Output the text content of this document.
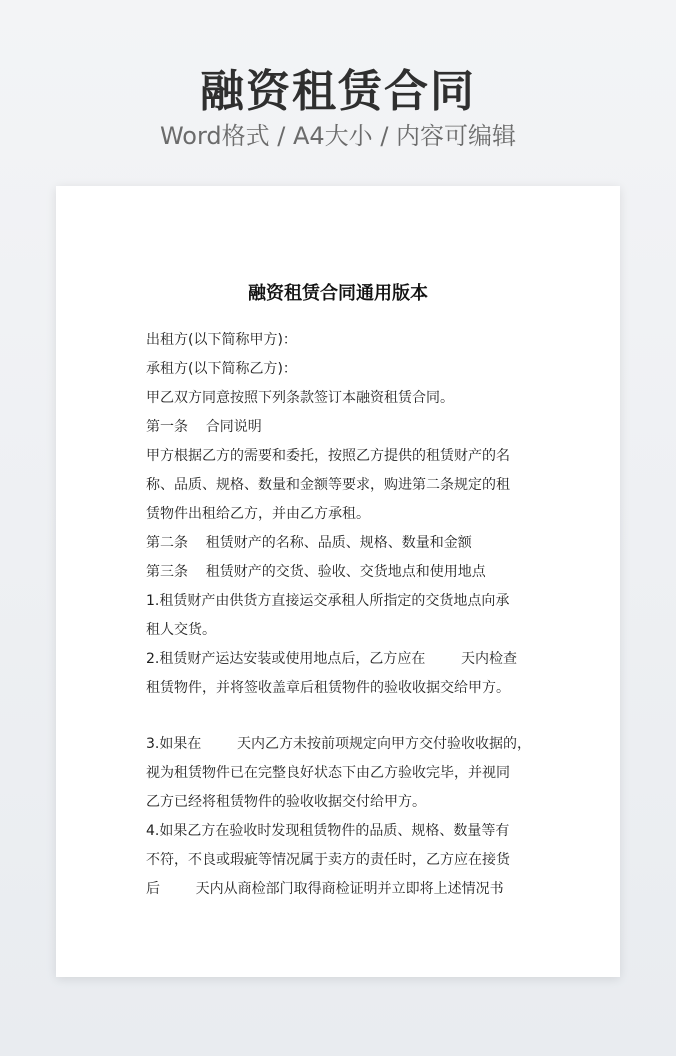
融资租赁合同
Word格式 / A4大小 / 内容可编辑
融资租赁合同通用版本
出租方(以下简称甲方)：
承租方(以下简称乙方)：
甲乙双方同意按照下列条款签订本融资租赁合同。
第一条    合同说明
甲方根据乙方的需要和委托，按照乙方提供的租赁财产的名
称、品质、规格、数量和金额等要求，购进第二条规定的租
赁物件出租给乙方，并由乙方承租。
第二条    租赁财产的名称、品质、规格、数量和金额
第三条    租赁财产的交货、验收、交货地点和使用地点
1.租赁财产由供货方直接运交承租人所指定的交货地点向承
租人交货。
2.租赁财产运达安装或使用地点后，乙方应在        天内检查
租赁物件，并将签收盖章后租赁物件的验收收据交给甲方。
3.如果在        天内乙方未按前项规定向甲方交付验收收据的，
视为租赁物件已在完整良好状态下由乙方验收完毕，并视同
乙方已经将租赁物件的验收收据交付给甲方。
4.如果乙方在验收时发现租赁物件的品质、规格、数量等有
不符，不良或瑕疵等情况属于卖方的责任时，乙方应在接货
后        天内从商检部门取得商检证明并立即将上述情况书
